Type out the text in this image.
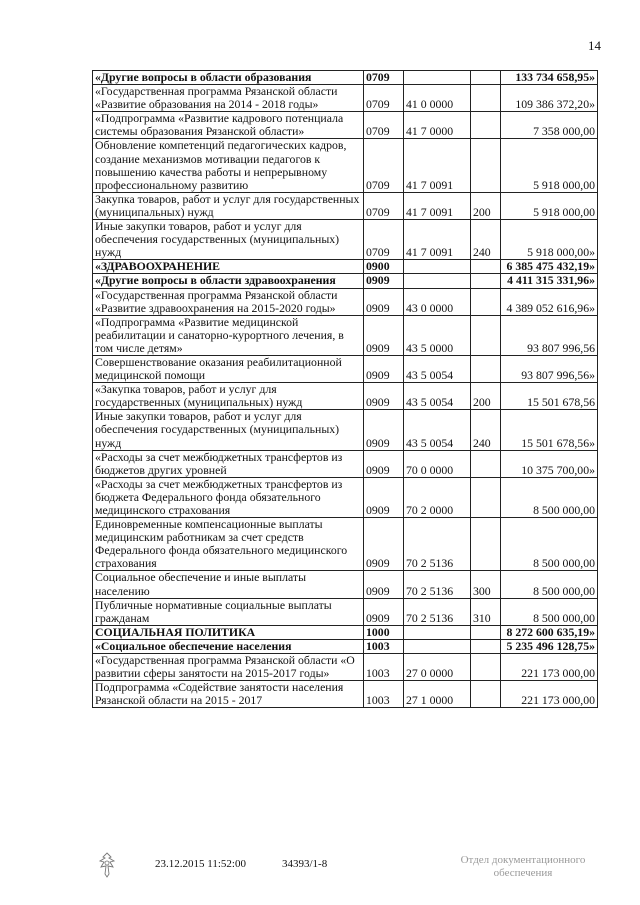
14
«Другие вопросы в области образования	0709			133 734 658,95»
«Государственная программа Рязанской области «Развитие образования на 2014 - 2018 годы»	0709	41 0 0000		109 386 372,20»
«Подпрограмма «Развитие кадрового потенциала системы образования Рязанской области»	0709	41 7 0000		7 358 000,00
Обновление компетенций педагогических кадров, создание механизмов мотивации педагогов к повышению качества работы и непрерывному профессиональному развитию	0709	41 7 0091		5 918 000,00
Закупка товаров, работ и услуг для государственных (муниципальных) нужд	0709	41 7 0091	200	5 918 000,00
Иные закупки товаров, работ и услуг для обеспечения государственных (муниципальных) нужд	0709	41 7 0091	240	5 918 000,00»
«ЗДРАВООХРАНЕНИЕ	0900			6 385 475 432,19»
«Другие вопросы в области здравоохранения	0909			4 411 315 331,96»
«Государственная программа Рязанской области «Развитие здравоохранения на 2015-2020 годы»	0909	43 0 0000		4 389 052 616,96»
«Подпрограмма «Развитие медицинской реабилитации и санаторно-курортного лечения, в том числе детям»	0909	43 5 0000		93 807 996,56
Совершенствование оказания реабилитационной медицинской помощи	0909	43 5 0054		93 807 996,56»
«Закупка товаров, работ и услуг для государственных (муниципальных) нужд	0909	43 5 0054	200	15 501 678,56
Иные закупки товаров, работ и услуг для обеспечения государственных (муниципальных) нужд	0909	43 5 0054	240	15 501 678,56»
«Расходы за счет межбюджетных трансфертов из бюджетов других уровней	0909	70 0 0000		10 375 700,00»
«Расходы за счет межбюджетных трансфертов из бюджета Федерального фонда обязательного медицинского страхования	0909	70 2 0000		8 500 000,00
Единовременные компенсационные выплаты медицинским работникам за счет средств Федерального фонда обязательного медицинского страхования	0909	70 2 5136		8 500 000,00
Социальное обеспечение и иные выплаты населению	0909	70 2 5136	300	8 500 000,00
Публичные нормативные социальные выплаты гражданам	0909	70 2 5136	310	8 500 000,00
СОЦИАЛЬНАЯ ПОЛИТИКА	1000			8 272 600 635,19»
«Социальное обеспечение населения	1003			5 235 496 128,75»
«Государственная программа Рязанской области «О развитии сферы занятости на 2015-2017 годы»	1003	27 0 0000		221 173 000,00
Подпрограмма «Содействие занятости населения Рязанской области на 2015 - 2017	1003	27 1 0000		221 173 000,00
23.12.2015 11:52:00	34393/1-8	Отдел документационного
обеспечения
